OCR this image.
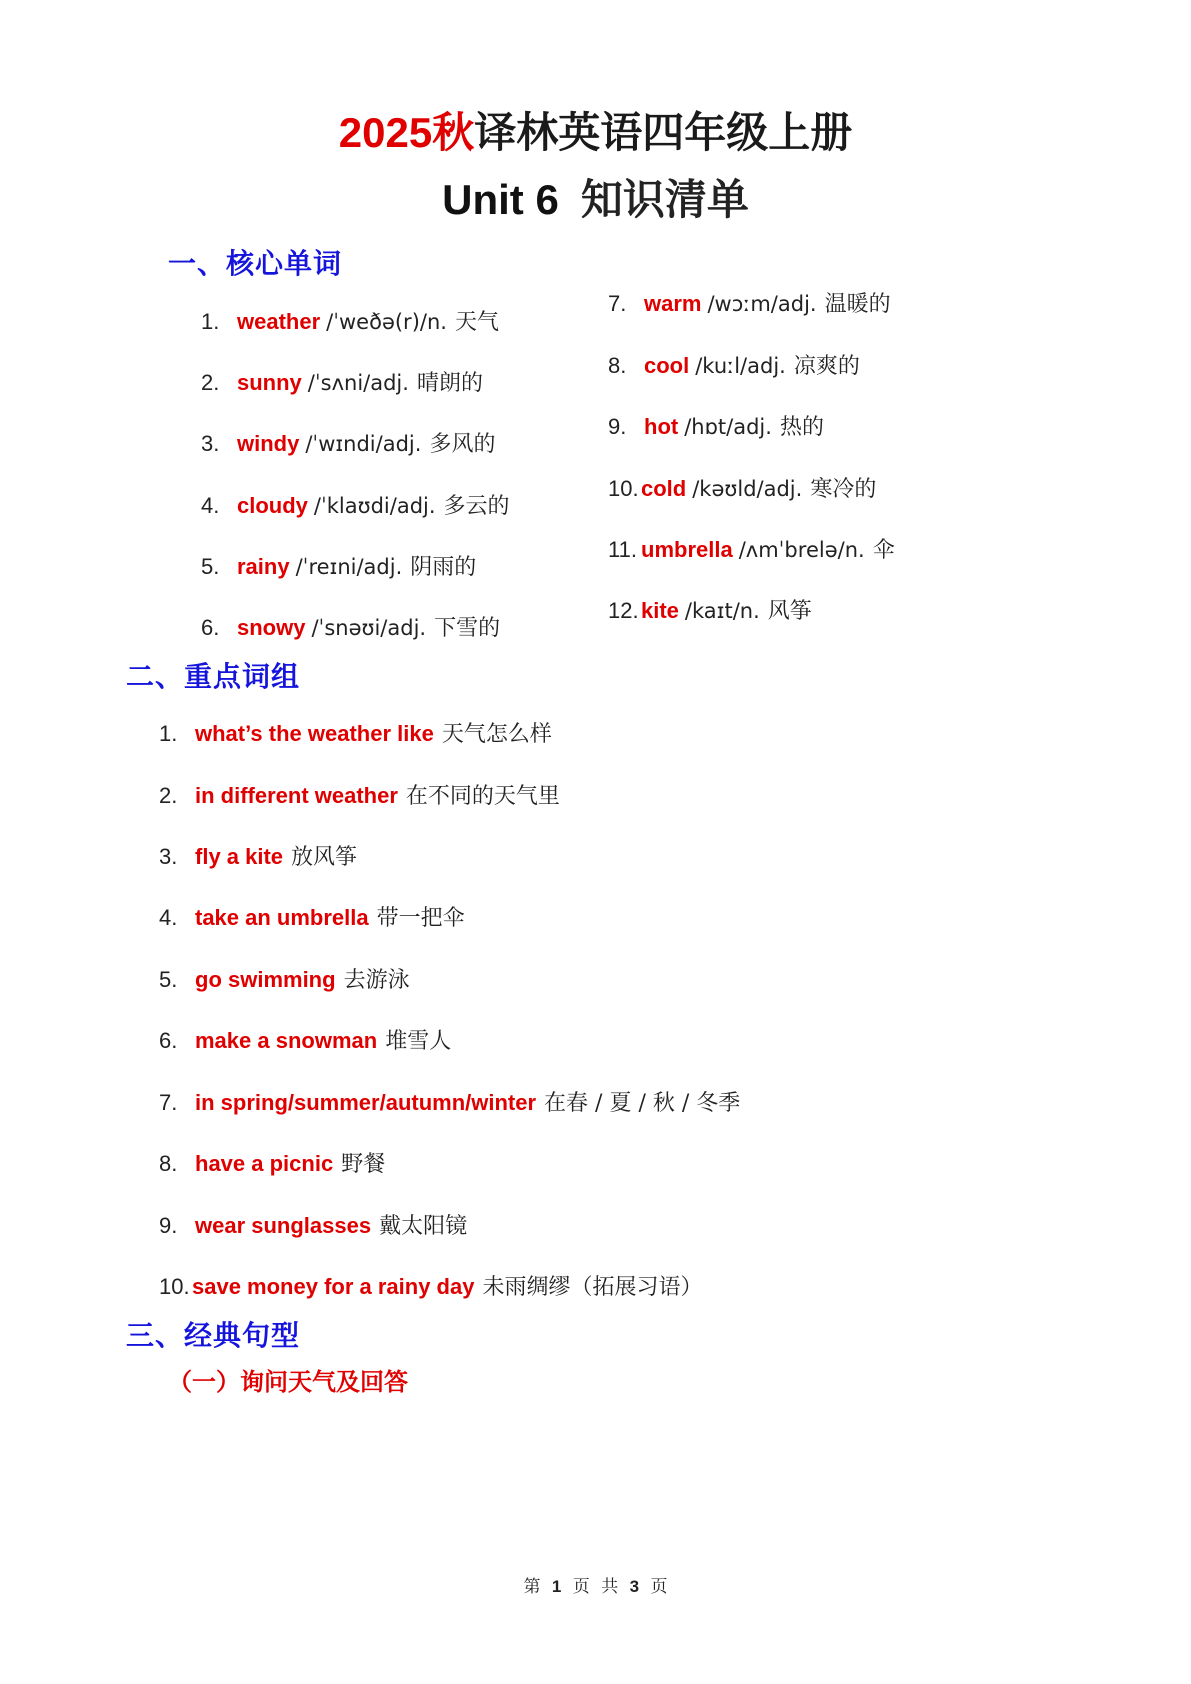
2025秋译林英语四年级上册
Unit 6 知识清单
一、核心单词
1. weather /ˈweðə(r)/n. 天气
2. sunny /ˈsʌni/adj. 晴朗的
3. windy /ˈwɪndi/adj. 多风的
4. cloudy /ˈklaʊdi/adj. 多云的
5. rainy /ˈreɪni/adj. 阴雨的
6. snowy /ˈsnəʊi/adj. 下雪的
7. warm /wɔːm/adj. 温暖的
8. cool /kuːl/adj. 凉爽的
9. hot /hɒt/adj. 热的
10. cold /kəʊld/adj. 寒冷的
11. umbrella /ʌmˈbrelə/n. 伞
12. kite /kaɪt/n. 风筝
二、重点词组
1. what’s the weather like 天气怎么样
2. in different weather 在不同的天气里
3. fly a kite 放风筝
4. take an umbrella 带一把伞
5. go swimming 去游泳
6. make a snowman 堆雪人
7. in spring/summer/autumn/winter 在春 / 夏 / 秋 / 冬季
8. have a picnic 野餐
9. wear sunglasses 戴太阳镜
10. save money for a rainy day 未雨绸缪（拓展习语）
三、经典句型
（一）询问天气及回答
第 1 页 共 3 页
